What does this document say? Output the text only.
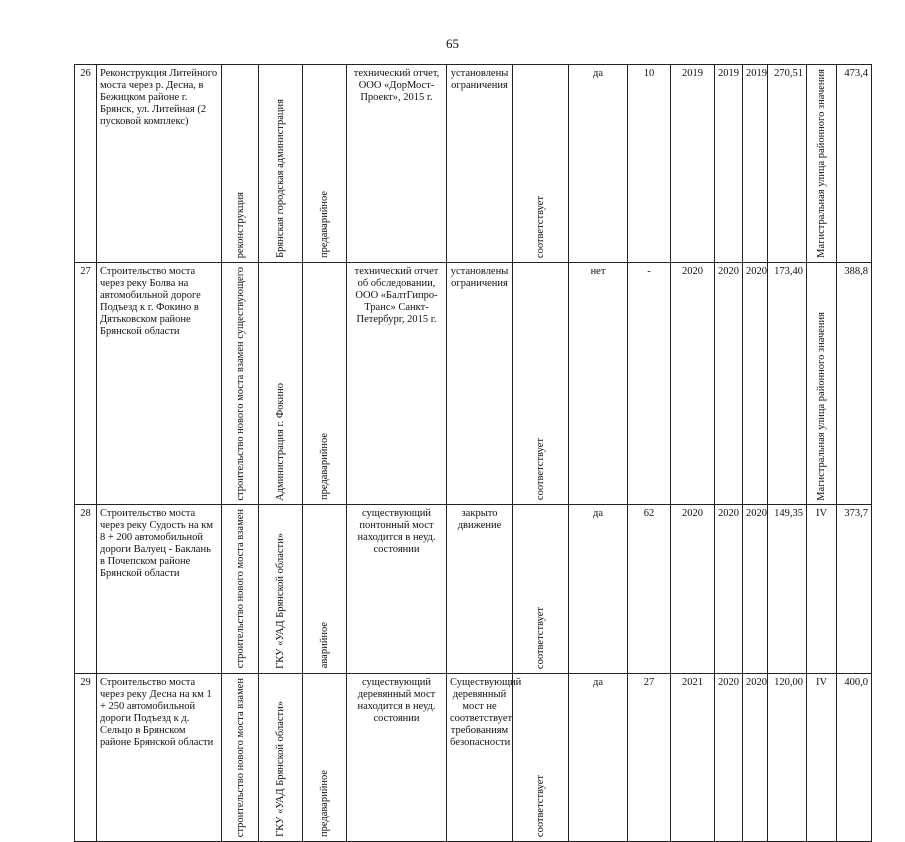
65
26	Реконструкция Литейного моста через р. Десна, в Бежицком районе г. Брянск, ул. Литейная (2 пусковой комплекс)	реконструкция	Брянская городская администрация	предаварийное	технический отчет, ООО «ДорМост-Проект», 2015 г.	установлены ограничения	соответствует	да	10	2019	2019	2019	270,51	Магистральная улица районного значения	473,4
27	Строительство моста через реку Болва на автомобильной дороге Подъезд к г. Фокино в Дятьковском районе Брянской области	строительство нового моста взамен существующего	Администрация г. Фокино	предаварийное	технический отчет об обследовании, ООО «БалтГипро-Транс» Санкт-Петербург, 2015 г.	установлены ограничения	соответствует	нет	-	2020	2020	2020	173,40	Магистральная улица районного значения	388,8
28	Строительство моста через реку Судость на км 8 + 200 автомобильной дороги Валуец - Баклань в Почепском районе Брянской области	строительство нового моста взамен	ГКУ «УАД Брянской области»	аварийное	существующий понтонный мост находится в неуд. состоянии	закрыто движение	соответствует	да	62	2020	2020	2020	149,35	IV	373,7
29	Строительство моста через реку Десна на км 1 + 250 автомобильной дороги Подъезд к д. Сельцо в Брянском районе Брянской области	строительство нового моста взамен	ГКУ «УАД Брянской области»	предаварийное	существующий деревянный мост находится в неуд. состоянии	Существующий деревянный мост не соответствует требованиям безопасности	соответствует	да	27	2021	2020	2020	120,00	IV	400,0
